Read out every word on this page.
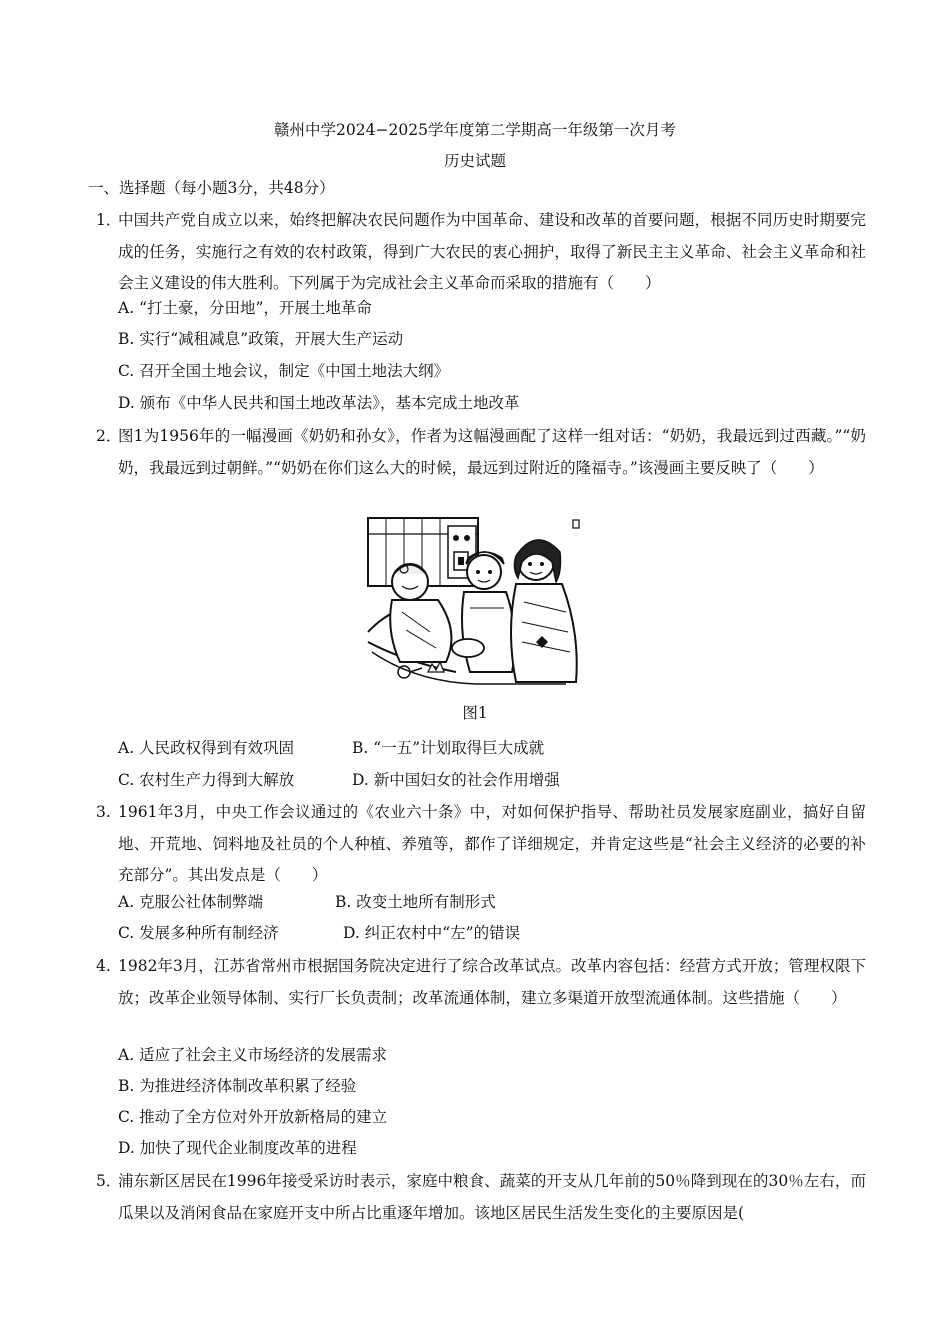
赣州中学2024−2025学年度第二学期高一年级第一次月考
历史试题
一、选择题（每小题3分，共48分）
1．
中国共产党自成立以来，始终把解决农民问题作为中国革命、建设和改革的首要问题，根据不同历史时期要完成的任务，实施行之有效的农村政策，得到广大农民的衷心拥护，取得了新民主主义革命、社会主义革命和社会主义建设的伟大胜利。下列属于为完成社会主义革命而采取的措施有（　　）
A. “打土豪，分田地”，开展土地革命
B. 实行“减租减息”政策，开展大生产运动
C. 召开全国土地会议，制定《中国土地法大纲》
D. 颁布《中华人民共和国土地改革法》，基本完成土地改革
2．
图1为1956年的一幅漫画《奶奶和孙女》，作者为这幅漫画配了这样一组对话：“奶奶，我最远到过西藏。”“奶奶，我最远到过朝鲜。”“奶奶在你们这么大的时候，最远到过附近的隆福寺。”该漫画主要反映了（　　）
图1
A. 人民政权得到有效巩固	B. “一五”计划取得巨大成就
C. 农村生产力得到大解放	D. 新中国妇女的社会作用增强
3. 1961年3月，中央工作会议通过的《农业六十条》中，对如何保护指导、帮助社员发展家庭副业，搞好自留地、开荒地、饲料地及社员的个人种植、养殖等，都作了详细规定，并肯定这些是“社会主义经济的必要的补充部分”。其出发点是（　　）
A. 克服公社体制弊端	B. 改变土地所有制形式
C. 发展多种所有制经济	D. 纠正农村中“左”的错误
4. 1982年3月，江苏省常州市根据国务院决定进行了综合改革试点。改革内容包括：经营方式开放；管理权限下放；改革企业领导体制、实行厂长负责制；改革流通体制，建立多渠道开放型流通体制。这些措施（　　）
A. 适应了社会主义市场经济的发展需求
B. 为推进经济体制改革积累了经验
C. 推动了全方位对外开放新格局的建立
D. 加快了现代企业制度改革的进程
5．
浦东新区居民在1996年接受采访时表示，家庭中粮食、蔬菜的开支从几年前的50％降到现在的30％左右，而瓜果以及消闲食品在家庭开支中所占比重逐年增加。该地区居民生活发生变化的主要原因是(
